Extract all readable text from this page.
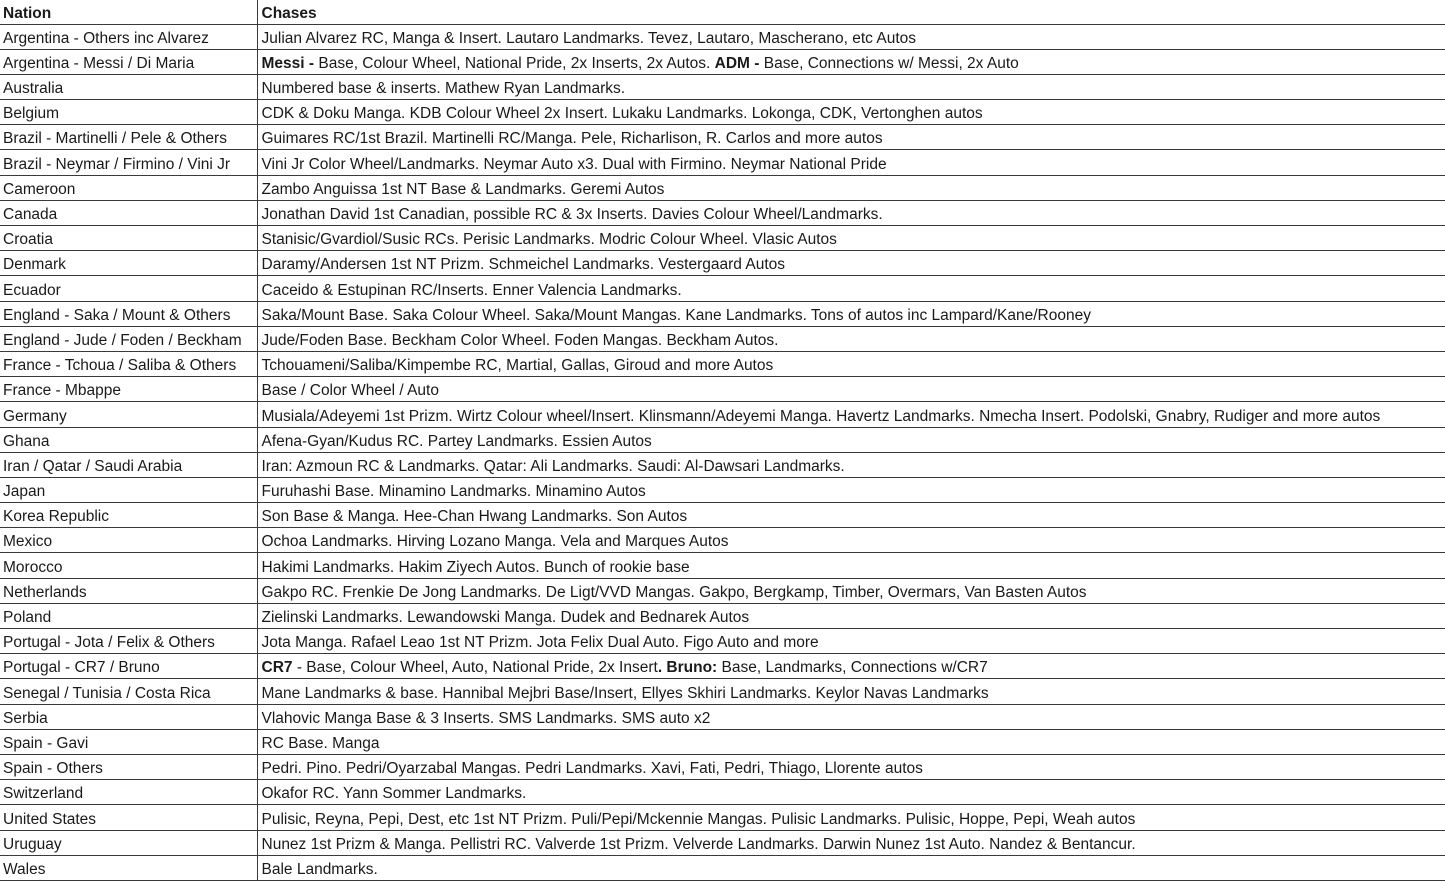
Nation	Chases
Argentina - Others inc Alvarez	Julian Alvarez RC, Manga & Insert. Lautaro Landmarks. Tevez, Lautaro, Mascherano, etc Autos
Argentina - Messi / Di Maria	Messi - Base, Colour Wheel, National Pride, 2x Inserts, 2x Autos. ADM - Base, Connections w/ Messi, 2x Auto
Australia	Numbered base & inserts. Mathew Ryan Landmarks.
Belgium	CDK & Doku Manga. KDB Colour Wheel 2x Insert. Lukaku Landmarks. Lokonga, CDK, Vertonghen autos
Brazil - Martinelli / Pele & Others	Guimares RC/1st Brazil. Martinelli RC/Manga. Pele, Richarlison, R. Carlos and more autos
Brazil - Neymar / Firmino / Vini Jr	Vini Jr Color Wheel/Landmarks. Neymar Auto x3. Dual with Firmino. Neymar National Pride
Cameroon	Zambo Anguissa 1st NT Base & Landmarks. Geremi Autos
Canada	Jonathan David 1st Canadian, possible RC & 3x Inserts. Davies Colour Wheel/Landmarks.
Croatia	Stanisic/Gvardiol/Susic RCs. Perisic Landmarks. Modric Colour Wheel. Vlasic Autos
Denmark	Daramy/Andersen 1st NT Prizm. Schmeichel Landmarks. Vestergaard Autos
Ecuador	Caceido & Estupinan RC/Inserts. Enner Valencia Landmarks.
England - Saka / Mount & Others	Saka/Mount Base. Saka Colour Wheel. Saka/Mount Mangas. Kane Landmarks. Tons of autos inc Lampard/Kane/Rooney
England - Jude / Foden / Beckham	Jude/Foden Base. Beckham Color Wheel. Foden Mangas. Beckham Autos.
France - Tchoua / Saliba & Others	Tchouameni/Saliba/Kimpembe RC, Martial, Gallas, Giroud and more Autos
France - Mbappe	Base / Color Wheel / Auto
Germany	Musiala/Adeyemi 1st Prizm. Wirtz Colour wheel/Insert. Klinsmann/Adeyemi Manga. Havertz Landmarks. Nmecha Insert. Podolski, Gnabry, Rudiger and more autos
Ghana	Afena-Gyan/Kudus RC. Partey Landmarks. Essien Autos
Iran / Qatar / Saudi Arabia	Iran: Azmoun RC & Landmarks. Qatar: Ali Landmarks. Saudi: Al-Dawsari Landmarks.
Japan	Furuhashi Base. Minamino Landmarks. Minamino Autos
Korea Republic	Son Base & Manga. Hee-Chan Hwang Landmarks. Son Autos
Mexico	Ochoa Landmarks. Hirving Lozano Manga. Vela and Marques Autos
Morocco	Hakimi Landmarks. Hakim Ziyech Autos. Bunch of rookie base
Netherlands	Gakpo RC. Frenkie De Jong Landmarks. De Ligt/VVD Mangas. Gakpo, Bergkamp, Timber, Overmars, Van Basten Autos
Poland	Zielinski Landmarks. Lewandowski Manga. Dudek and Bednarek Autos
Portugal - Jota / Felix & Others	Jota Manga. Rafael Leao 1st NT Prizm. Jota Felix Dual Auto. Figo Auto and more
Portugal - CR7 / Bruno	CR7 - Base, Colour Wheel, Auto, National Pride, 2x Insert. Bruno: Base, Landmarks, Connections w/CR7
Senegal / Tunisia / Costa Rica	Mane Landmarks & base. Hannibal Mejbri Base/Insert, Ellyes Skhiri Landmarks. Keylor Navas Landmarks
Serbia	Vlahovic Manga Base & 3 Inserts. SMS Landmarks. SMS auto x2
Spain - Gavi	RC Base. Manga
Spain - Others	Pedri. Pino. Pedri/Oyarzabal Mangas. Pedri Landmarks. Xavi, Fati, Pedri, Thiago, Llorente autos
Switzerland	Okafor RC. Yann Sommer Landmarks.
United States	Pulisic, Reyna, Pepi, Dest, etc 1st NT Prizm. Puli/Pepi/Mckennie Mangas. Pulisic Landmarks. Pulisic, Hoppe, Pepi, Weah autos
Uruguay	Nunez 1st Prizm & Manga. Pellistri RC. Valverde 1st Prizm. Velverde Landmarks. Darwin Nunez 1st Auto. Nandez & Bentancur.
Wales	Bale Landmarks.
